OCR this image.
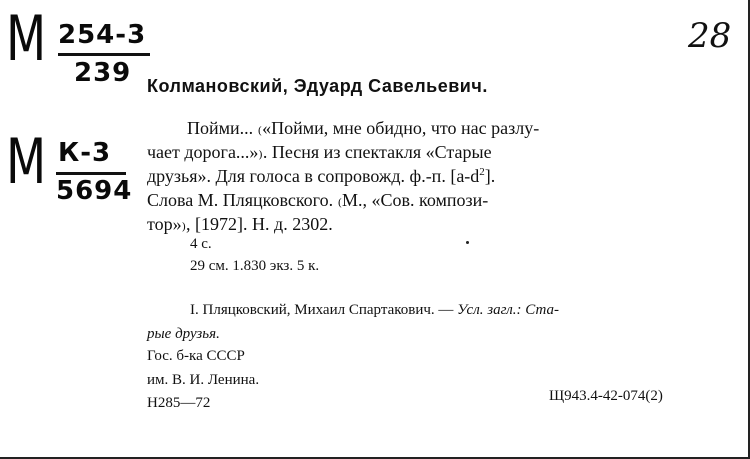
М 254-3
239
М К-3
5694
28
Колмановский, Эдуард Савельевич.
Пойми... ₍«Пойми, мне обидно, что нас разлу-
чает дорога...»₎. Песня из спектакля «Старые
друзья». Для голоса в сопровожд. ф.-п. $[a-d^2]$.
Слова М. Пляцковского. ₍М., «Сов. компози-
тор»₎, [1972]. Н. д. 2302.
4 с.
29 см. 1.830 экз. 5 к.
I. Пляцковский, Михаил Спартакович. — Усл. загл.: Ста-
рые друзья.
Гос. б-ка СССР
им. В. И. Ленина.
Н285—72	Щ943.4-42-074(2)
